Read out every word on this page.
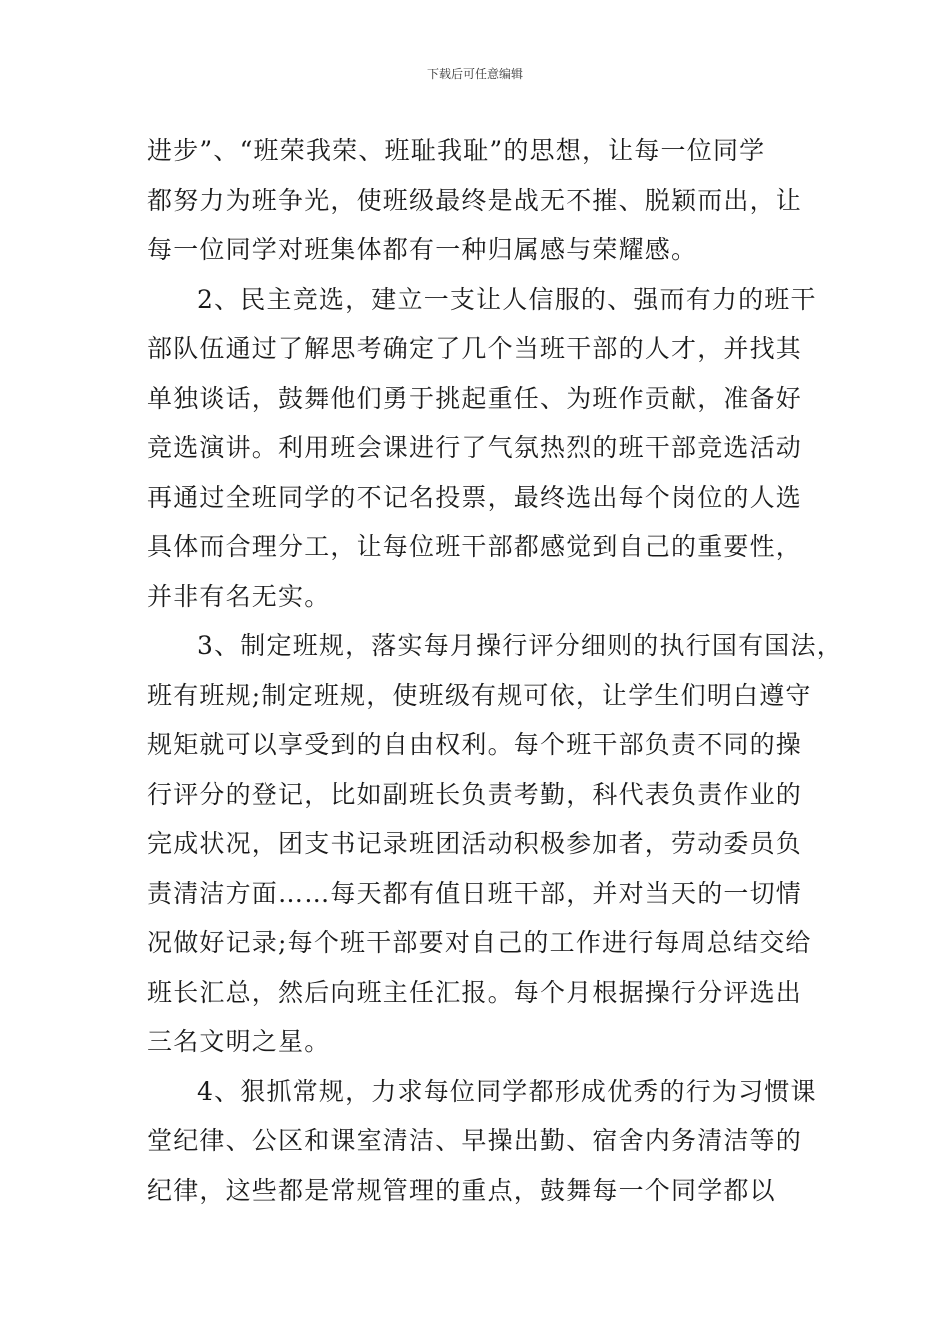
下载后可任意编辑

进步”、“班荣我荣、班耻我耻”的思想，让每一位同学
都努力为班争光，使班级最终是战无不摧、脱颖而出，让
每一位同学对班集体都有一种归属感与荣耀感。

2、民主竞选，建立一支让人信服的、强而有力的班干
部队伍通过了解思考确定了几个当班干部的人才，并找其
单独谈话，鼓舞他们勇于挑起重任、为班作贡献，准备好
竞选演讲。利用班会课进行了气氛热烈的班干部竞选活动
再通过全班同学的不记名投票，最终选出每个岗位的人选
具体而合理分工，让每位班干部都感觉到自己的重要性，
并非有名无实。

3、制定班规，落实每月操行评分细则的执行国有国法，
班有班规;制定班规，使班级有规可依，让学生们明白遵守
规矩就可以享受到的自由权利。每个班干部负责不同的操
行评分的登记，比如副班长负责考勤，科代表负责作业的
完成状况，团支书记录班团活动积极参加者，劳动委员负
责清洁方面……每天都有值日班干部，并对当天的一切情
况做好记录;每个班干部要对自己的工作进行每周总结交给
班长汇总，然后向班主任汇报。每个月根据操行分评选出
三名文明之星。

4、狠抓常规，力求每位同学都形成优秀的行为习惯课
堂纪律、公区和课室清洁、早操出勤、宿舍内务清洁等的
纪律，这些都是常规管理的重点，鼓舞每一个同学都以
